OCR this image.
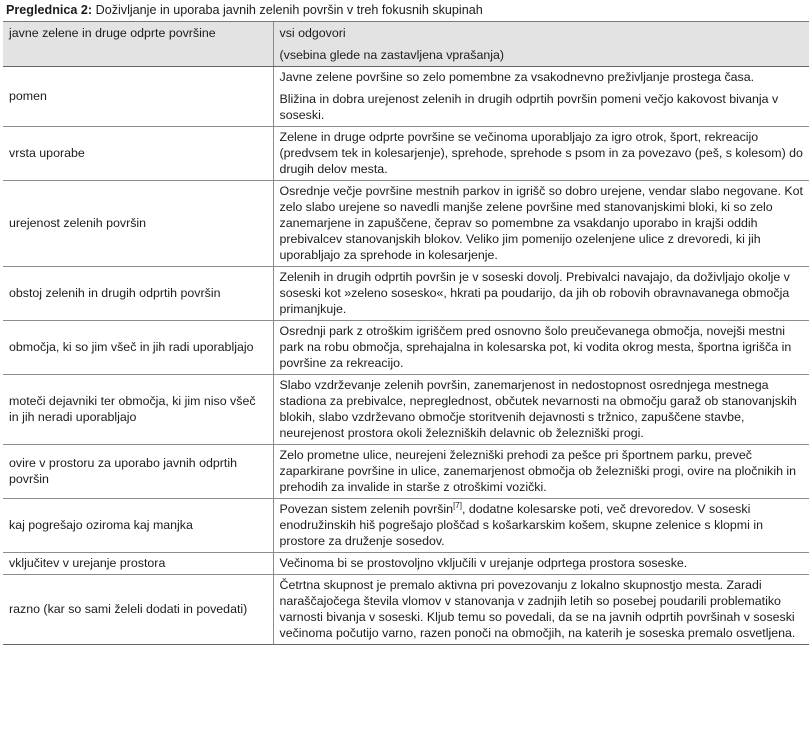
Preglednica 2: Doživljanje in uporaba javnih zelenih površin v treh fokusnih skupinah
javne zelene in druge odprte površine	vsi odgovori
(vsebina glede na zastavljena vprašanja)

pomen	Javne zelene površine so zelo pomembne za vsakodnevno preživljanje prostega časa.

Bližina in dobra urejenost zelenih in drugih odprtih površin pomeni večjo kakovost bivanja v soseski.

vrsta uporabe	Zelene in druge odprte površine se večinoma uporabljajo za igro otrok, šport, rekreacijo (predvsem tek in kolesarjenje), sprehode, sprehode s psom in za povezavo (peš, s kolesom) do drugih delov mesta.
urejenost zelenih površin	Osrednje večje površine mestnih parkov in igrišč so dobro urejene, vendar slabo negovane. Kot zelo slabo urejene so navedli manjše zelene površine med stanovanjskimi bloki, ki so zelo zanemarjene in zapuščene, čeprav so pomembne za vsakdanjo uporabo in krajši oddih prebivalcev stanovanjskih blokov. Veliko jim pomenijo ozelenjene ulice z drevoredi, ki jih uporabljajo za sprehode in kolesarjenje.
obstoj zelenih in drugih odprtih površin	Zelenih in drugih odprtih površin je v soseski dovolj. Prebivalci navajajo, da doživljajo okolje v soseski kot »zeleno sosesko«, hkrati pa poudarijo, da jih ob robovih obravnavanega območja primanjkuje.
območja, ki so jim všeč in jih radi uporabljajo	Osrednji park z otroškim igriščem pred osnovno šolo preučevanega območja, novejši mestni park na robu območja, sprehajalna in kolesarska pot, ki vodita okrog mesta, športna igrišča in površine za rekreacijo.
moteči dejavniki ter območja, ki jim niso všeč in jih neradi uporabljajo	Slabo vzdrževanje zelenih površin, zanemarjenost in nedostopnost osrednjega mestnega stadiona za prebivalce, nepreglednost, občutek nevarnosti na območju garaž ob stanovanjskih blokih, slabo vzdrževano območje storitvenih dejavnosti s tržnico, zapuščene stavbe, neurejenost prostora okoli železniških delavnic ob železniški progi.
ovire v prostoru za uporabo javnih odprtih površin	Zelo prometne ulice, neurejeni železniški prehodi za pešce pri športnem parku, preveč zaparkirane površine in ulice, zanemarjenost območja ob železniški progi, ovire na pločnikih in prehodih za invalide in starše z otroškimi vozički.
kaj pogrešajo oziroma kaj manjka	Povezan sistem zelenih površin[7], dodatne kolesarske poti, več drevoredov. V soseski enodružinskih hiš pogrešajo ploščad s košarkarskim košem, skupne zelenice s klopmi in prostore za druženje sosedov.
vključitev v urejanje prostora	Večinoma bi se prostovoljno vključili v urejanje odprtega prostora soseske.
razno (kar so sami želeli dodati in povedati)	Četrtna skupnost je premalo aktivna pri povezovanju z lokalno skupnostjo mesta. Zaradi naraščajočega števila vlomov v stanovanja v zadnjih letih so posebej poudarili problematiko varnosti bivanja v soseski. Kljub temu so povedali, da se na javnih odprtih površinah v soseski večinoma počutijo varno, razen ponoči na območjih, na katerih je soseska premalo osvetljena.
